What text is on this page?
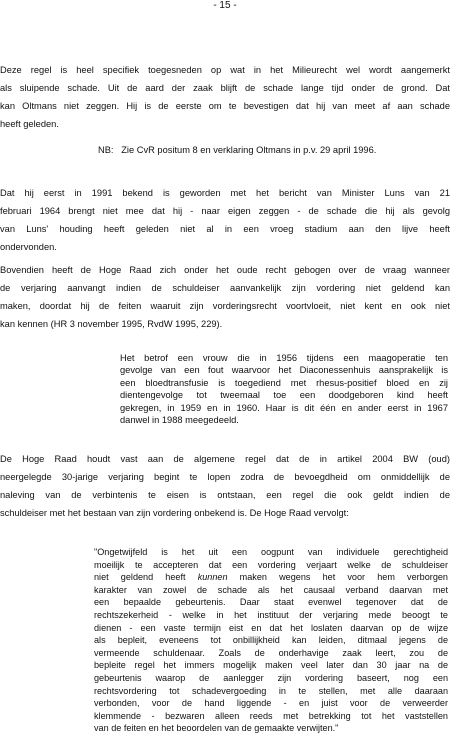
- 15 -
Deze regel is heel specifiek toegesneden op wat in het Milieurecht wel wordt aangemerkt
als sluipende schade. Uit de aard der zaak blijft de schade lange tijd onder de grond. Dat
kan Oltmans niet zeggen. Hij is de eerste om te bevestigen dat hij van meet af aan schade
heeft geleden.
NB:   Zie CvR positum 8 en verklaring Oltmans in p.v. 29 april 1996.
Dat hij eerst in 1991 bekend is geworden met het bericht van Minister Luns van 21
februari 1964 brengt niet mee dat hij - naar eigen zeggen - de schade die hij als gevolg
van Luns' houding heeft geleden niet al in een vroeg stadium aan den lijve heeft
ondervonden.
Bovendien heeft de Hoge Raad zich onder het oude recht gebogen over de vraag wanneer
de verjaring aanvangt indien de schuldeiser aanvankelijk zijn vordering niet geldend kan
maken, doordat hij de feiten waaruit zijn vorderingsrecht voortvloeit, niet kent en ook niet
kan kennen (HR 3 november 1995, RvdW 1995, 229).
Het betrof een vrouw die in 1956 tijdens een maagoperatie ten
gevolge van een fout waarvoor het Diaconessenhuis aansprakelijk is
een bloedtransfusie is toegediend met rhesus-positief bloed en zij
dientengevolge tot tweemaal toe een doodgeboren kind heeft
gekregen, in 1959 en in 1960. Haar is dit één en ander eerst in 1967
danwel in 1988 meegedeeld.
De Hoge Raad houdt vast aan de algemene regel dat de in artikel 2004 BW (oud)
neergelegde 30-jarige verjaring begint te lopen zodra de bevoegdheid om onmiddellijk de
naleving van de verbintenis te eisen is ontstaan, een regel die ook geldt indien de
schuldeiser met het bestaan van zijn vordering onbekend is. De Hoge Raad vervolgt:
"Ongetwijfeld is het uit een oogpunt van individuele gerechtigheid
moeilijk te accepteren dat een vordering verjaart welke de schuldeiser
niet geldend heeft kunnen maken wegens het voor hem verborgen
karakter van zowel de schade als het causaal verband daarvan met
een bepaalde gebeurtenis. Daar staat evenwel tegenover dat de
rechtszekerheid - welke in het instituut der verjaring mede beoogt te
dienen - een vaste termijn eist en dat het loslaten daarvan op de wijze
als bepleit, eveneens tot onbillijkheid kan leiden, ditmaal jegens de
vermeende schuldenaar. Zoals de onderhavige zaak leert, zou de
bepleite regel het immers mogelijk maken veel later dan 30 jaar na de
gebeurtenis waarop de aanlegger zijn vordering baseert, nog een
rechtsvordering tot schadevergoeding in te stellen, met alle daaraan
verbonden, voor de hand liggende - en juist voor de verweerder
klemmende - bezwaren alleen reeds met betrekking tot het vaststellen
van de feiten en het beoordelen van de gemaakte verwijten."
